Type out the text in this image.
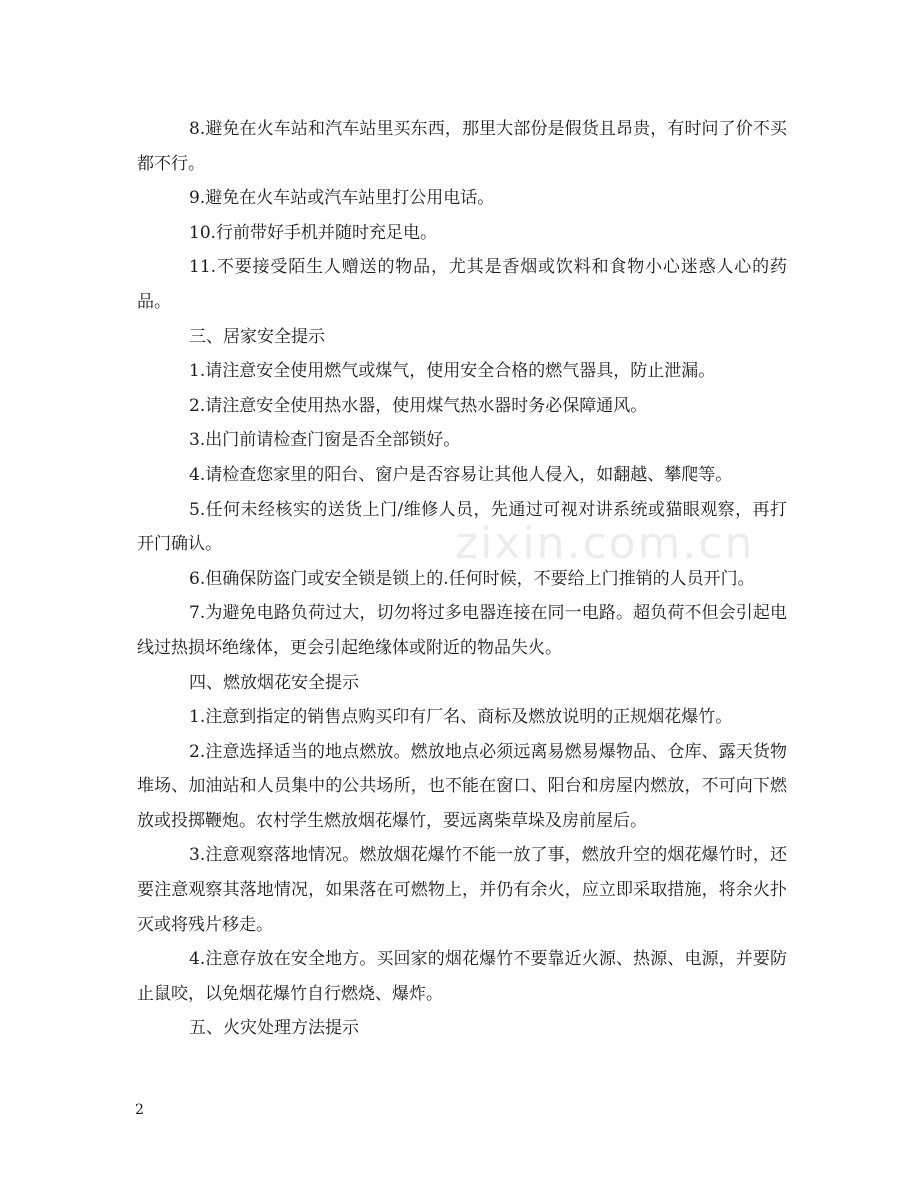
zixin.com.cn

8.避免在火车站和汽车站里买东西，那里大部份是假货且昂贵，有时问了价不买都不行。

9.避免在火车站或汽车站里打公用电话。

10.行前带好手机并随时充足电。

11.不要接受陌生人赠送的物品，尤其是香烟或饮料和食物小心迷惑人心的药品。

三、居家安全提示

1.请注意安全使用燃气或煤气，使用安全合格的燃气器具，防止泄漏。

2.请注意安全使用热水器，使用煤气热水器时务必保障通风。

3.出门前请检查门窗是否全部锁好。

4.请检查您家里的阳台、窗户是否容易让其他人侵入，如翻越、攀爬等。

5.任何未经核实的送货上门/维修人员，先通过可视对讲系统或猫眼观察，再打开门确认。

6.但确保防盗门或安全锁是锁上的.任何时候，不要给上门推销的人员开门。

7.为避免电路负荷过大，切勿将过多电器连接在同一电路。超负荷不但会引起电线过热损坏绝缘体，更会引起绝缘体或附近的物品失火。

四、燃放烟花安全提示

1.注意到指定的销售点购买印有厂名、商标及燃放说明的正规烟花爆竹。

2.注意选择适当的地点燃放。燃放地点必须远离易燃易爆物品、仓库、露天货物堆场、加油站和人员集中的公共场所，也不能在窗口、阳台和房屋内燃放，不可向下燃放或投掷鞭炮。农村学生燃放烟花爆竹，要远离柴草垛及房前屋后。

3.注意观察落地情况。燃放烟花爆竹不能一放了事，燃放升空的烟花爆竹时，还要注意观察其落地情况，如果落在可燃物上，并仍有余火，应立即采取措施，将余火扑灭或将残片移走。

4.注意存放在安全地方。买回家的烟花爆竹不要靠近火源、热源、电源，并要防止鼠咬，以免烟花爆竹自行燃烧、爆炸。

五、火灾处理方法提示

2
